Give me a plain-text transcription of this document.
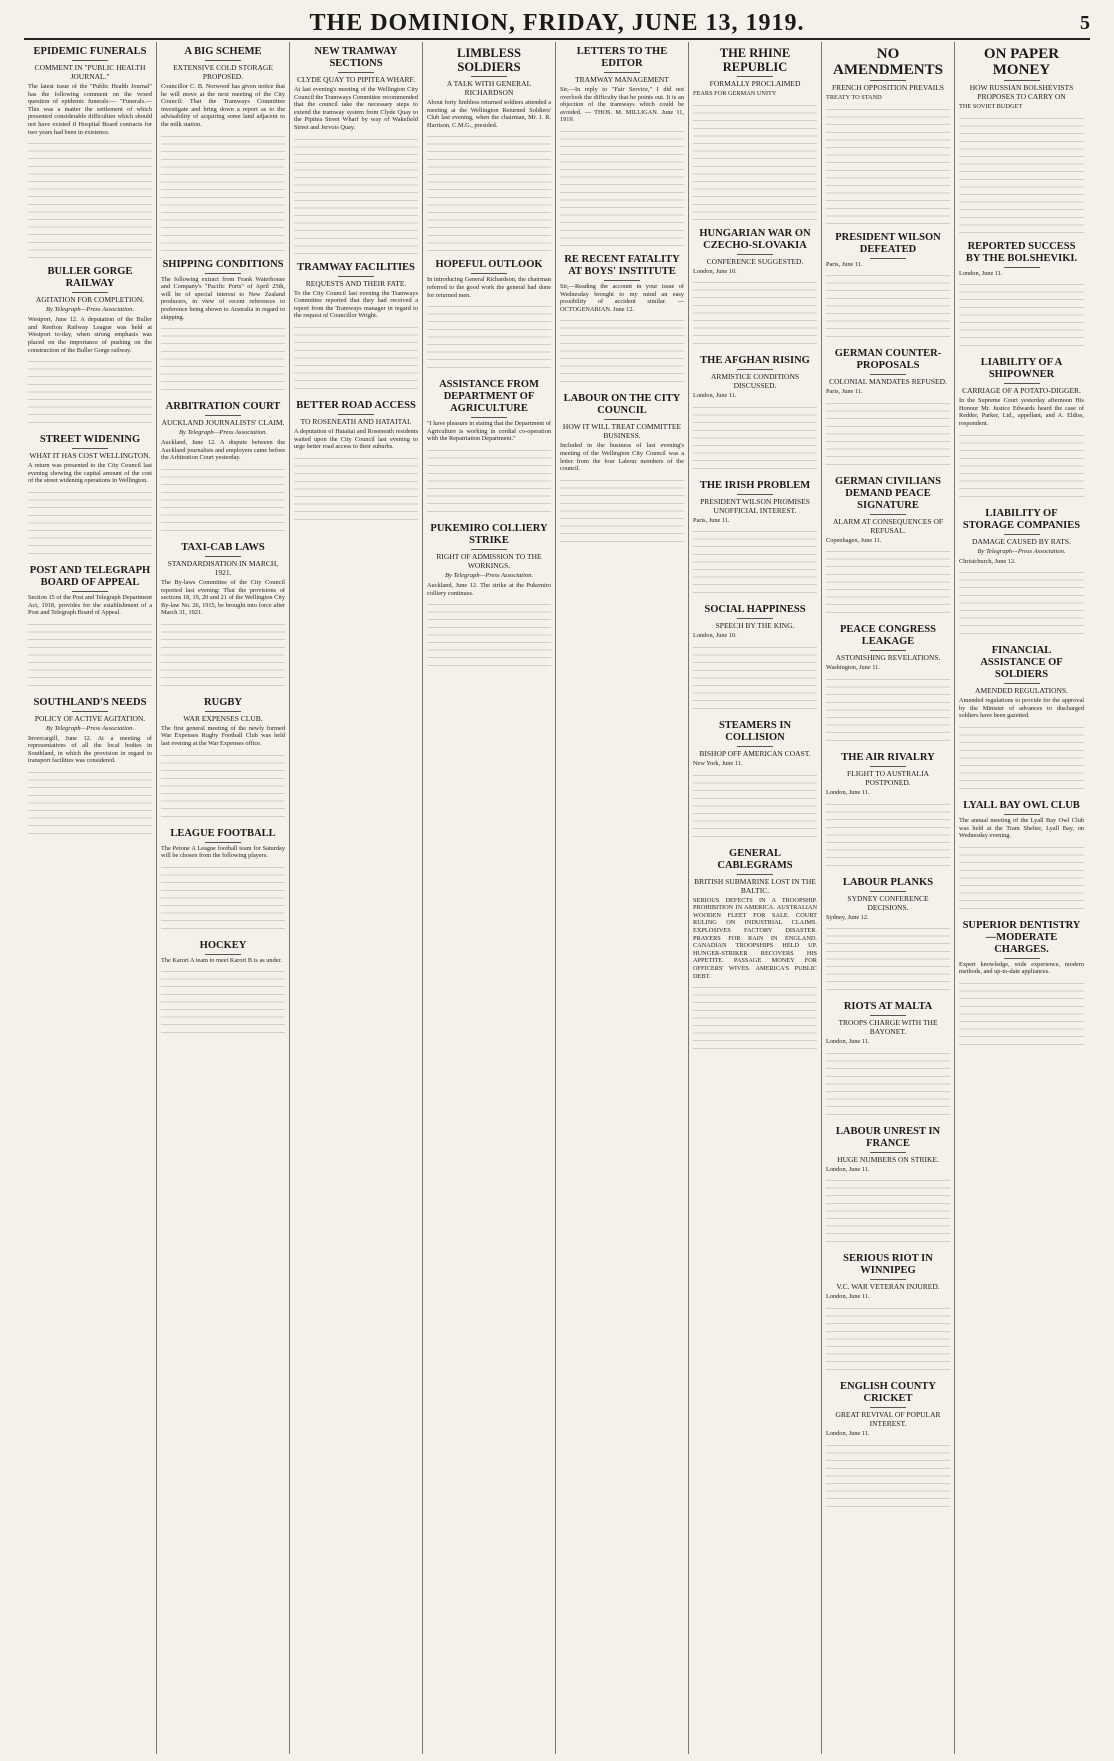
THE DOMINION, FRIDAY, JUNE 13, 1919.	5
EPIDEMIC FUNERALS
COMMENT IN "PUBLIC HEALTH JOURNAL."
The latest issue of the "Public Health Journal" has the following comment on the vexed question of epidemic funerals:— "Funerals.—This was a matter the settlement of which presented considerable difficulties which should not have existed if Hospital Board contracts for two years had been in existence.
BULLER GORGE RAILWAY
AGITATION FOR COMPLETION.
By Telegraph—Press Association.
Westport, June 12. A deputation of the Buller and Reefton Railway League was held at Westport to-day, when strong emphasis was placed on the importance of pushing on the construction of the Buller Gorge railway.
STREET WIDENING
WHAT IT HAS COST WELLINGTON.
A return was presented to the City Council last evening showing the capital amount of the cost of the street widening operations in Wellington.
POST AND TELEGRAPH BOARD OF APPEAL
Section 15 of the Post and Telegraph Department Act, 1918, provides for the establishment of a Post and Telegraph Board of Appeal.
SOUTHLAND'S NEEDS
POLICY OF ACTIVE AGITATION.
By Telegraph—Press Association.
Invercargill, June 12. At a meeting of representatives of all the local bodies in Southland, in which the provision in regard to transport facilities was considered.
A BIG SCHEME
EXTENSIVE COLD STORAGE PROPOSED.
Councillor C. B. Norwood has given notice that he will move at the next meeting of the City Council: That the Tramways Committee investigate and bring down a report as to the advisability of acquiring some land adjacent to the milk station.
SHIPPING CONDITIONS
The following extract from Frank Waterhouse and Company's "Pacific Ports" of April 25th, will be of special interest to New Zealand producers, in view of recent references to preference being shown to Australia in regard to shipping.
ARBITRATION COURT
AUCKLAND JOURNALISTS' CLAIM.
By Telegraph—Press Association.
Auckland, June 12. A dispute between the Auckland journalists and employers came before the Arbitration Court yesterday.
TAXI-CAB LAWS
STANDARDISATION IN MARCH, 1921.
The By-laws Committee of the City Council reported last evening: That the provisions of sections 18, 19, 20 and 21 of the Wellington City By-law No. 26, 1915, be brought into force after March 31, 1921.
RUGBY
WAR EXPENSES CLUB.
The first general meeting of the newly formed War Expenses Rugby Football Club was held last evening at the War Expenses office.
LEAGUE FOOTBALL
The Petone A League football team for Saturday will be chosen from the following players.
HOCKEY
The Karori A team to meet Karori B is as under.
NEW TRAMWAY SECTIONS
CLYDE QUAY TO PIPITEA WHARF.
At last evening's meeting of the Wellington City Council the Tramways Committee recommended that the council take the necessary steps to extend the tramway system from Clyde Quay to the Pipitea Street Wharf by way of Wakefield Street and Jervois Quay.
TRAMWAY FACILITIES
REQUESTS AND THEIR FATE.
To the City Council last evening the Tramways Committee reported that they had received a report from the Tramways manager in regard to the request of Councillor Wright.
BETTER ROAD ACCESS
TO ROSENEATH AND HATAITAI.
A deputation of Hataitai and Roseneath residents waited upon the City Council last evening to urge better road access to their suburbs.
LIMBLESS SOLDIERS
A TALK WITH GENERAL RICHARDSON
About forty limbless returned soldiers attended a meeting at the Wellington Returned Soldiers' Club last evening, when the chairman, Mr. J. R. Harrison, C.M.G., presided.
HOPEFUL OUTLOOK
In introducing General Richardson, the chairman referred to the good work the general had done for returned men.
ASSISTANCE FROM DEPARTMENT OF AGRICULTURE
"I have pleasure in stating that the Department of Agriculture is working in cordial co-operation with the Repatriation Department."
PUKEMIRO COLLIERY STRIKE
RIGHT OF ADMISSION TO THE WORKINGS.
By Telegraph—Press Association.
Auckland, June 12. The strike at the Pukemiro colliery continues.
LETTERS TO THE EDITOR
TRAMWAY MANAGEMENT
Sir,—In reply to "Fair Service," I did not overlook the difficulty that he points out. It is an objection of the tramways which could be avoided. — THOS. M. MILLIGAN. June 11, 1919.
RE RECENT FATALITY AT BOYS' INSTITUTE
Sir,—Reading the account in your issue of Wednesday brought to my mind an easy possibility of accident similar. — OCTOGENARIAN. June 12.
LABOUR ON THE CITY COUNCIL
HOW IT WILL TREAT COMMITTEE BUSINESS.
Included in the business of last evening's meeting of the Wellington City Council was a letter from the four Labour members of the council.
THE RHINE REPUBLIC
FORMALLY PROCLAIMED
FEARS FOR GERMAN UNITY
HUNGARIAN WAR ON CZECHO-SLOVAKIA
CONFERENCE SUGGESTED.
London, June 10.
THE AFGHAN RISING
ARMISTICE CONDITIONS DISCUSSED.
London, June 11.
THE IRISH PROBLEM
PRESIDENT WILSON PROMISES UNOFFICIAL INTEREST.
Paris, June 11.
SOCIAL HAPPINESS
SPEECH BY THE KING.
London, June 10.
STEAMERS IN COLLISION
BISHOP OFF AMERICAN COAST.
New York, June 11.
GENERAL CABLEGRAMS
BRITISH SUBMARINE LOST IN THE BALTIC.
SERIOUS DEFECTS IN A TROOPSHIP. PROHIBITION IN AMERICA. AUSTRALIAN WOODEN FLEET FOR SALE. COURT RULING ON INDUSTRIAL CLAIMS. EXPLOSIVES FACTORY DISASTER. PRAYERS FOR RAIN IN ENGLAND. CANADIAN TROOPSHIPS HELD UP. HUNGER-STRIKER RECOVERS HIS APPETITE. PASSAGE MONEY FOR OFFICERS' WIVES. AMERICA'S PUBLIC DEBT.
NO AMENDMENTS
FRENCH OPPOSITION PREVAILS
TREATY TO STAND
PRESIDENT WILSON DEFEATED
Paris, June 11.
GERMAN COUNTER-PROPOSALS
COLONIAL MANDATES REFUSED.
Paris, June 11.
GERMAN CIVILIANS DEMAND PEACE SIGNATURE
ALARM AT CONSEQUENCES OF REFUSAL.
Copenhagen, June 11.
PEACE CONGRESS LEAKAGE
ASTONISHING REVELATIONS.
Washington, June 11.
THE AIR RIVALRY
FLIGHT TO AUSTRALIA POSTPONED.
London, June 11.
LABOUR PLANKS
SYDNEY CONFERENCE DECISIONS.
Sydney, June 12.
RIOTS AT MALTA
TROOPS CHARGE WITH THE BAYONET.
London, June 11.
LABOUR UNREST IN FRANCE
HUGE NUMBERS ON STRIKE.
London, June 11.
SERIOUS RIOT IN WINNIPEG
V.C. WAR VETERAN INJURED.
London, June 11.
ENGLISH COUNTY CRICKET
GREAT REVIVAL OF POPULAR INTEREST.
London, June 11.
ON PAPER MONEY
HOW RUSSIAN BOLSHEVISTS PROPOSES TO CARRY ON
THE SOVIET BUDGET
REPORTED SUCCESS BY THE BOLSHEVIKI.
London, June 11.
LIABILITY OF A SHIPOWNER
CARRIAGE OF A POTATO-DIGGER.
In the Supreme Court yesterday afternoon His Honour Mr. Justice Edwards heard the case of Redder, Parker, Ltd., appellant, and A. Eldiss, respondent.
LIABILITY OF STORAGE COMPANIES
DAMAGE CAUSED BY RATS.
By Telegraph—Press Association.
Christchurch, June 12.
FINANCIAL ASSISTANCE OF SOLDIERS
AMENDED REGULATIONS.
Amended regulations to provide for the approval by the Minister of advances to discharged soldiers have been gazetted.
LYALL BAY OWL CLUB
The annual meeting of the Lyall Bay Owl Club was held at the Tram Shelter, Lyall Bay, on Wednesday evening.
SUPERIOR DENTISTRY—MODERATE CHARGES.
Expert knowledge, wide experience, modern methods, and up-to-date appliances.
